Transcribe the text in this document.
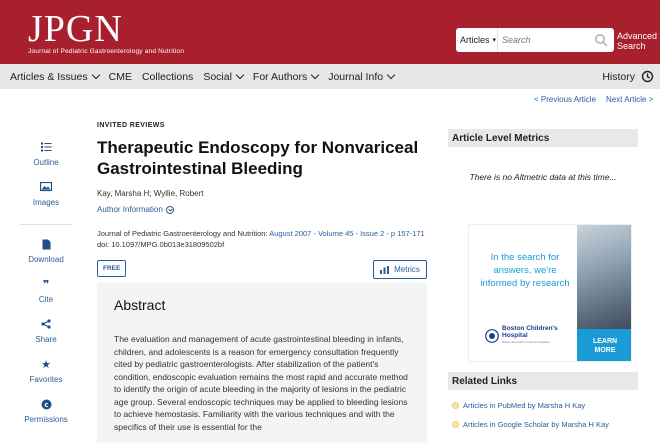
JPGN
Journal of Pediatric Gastroenterology and Nutrition
Articles ▾
Search	Advanced
Search
Articles & Issues CME Collections Social For Authors Journal Info	History
< Previous Article Next Article >
Outline
Images
Download
❞
Cite
Share
★
Favorites
c
Permissions
INVITED REVIEWS
Therapeutic Endoscopy for Nonvariceal Gastrointestinal Bleeding
Kay, Marsha H; Wyllie, Robert
Author Information
Journal of Pediatric Gastroenterology and Nutrition: August 2007 - Volume 45 - Issue 2 - p 157-171
doi: 10.1097/MPG.0b013e31809502bf
FREE	Metrics
Abstract

The evaluation and management of acute gastrointestinal bleeding in infants, children, and adolescents is a reason for emergency consultation frequently cited by pediatric gastroenterologists. After stabilization of the patient's condition, endoscopic evaluation remains the most rapid and accurate method to identify the origin of acute bleeding in the majority of lesions in the pediatric age group. Several endoscopic techniques may be applied to bleeding lesions to achieve hemostasis. Familiarity with the various techniques and with the specifics of their use is essential for the

Article Level Metrics
There is no Altmetric data at this time...
In the search for answers, we're informed by research
Boston Children's
Hospital
Where the world comes for answers	LEARN
MORE
Related Links
Articles in PubMed by Marsha H Kay
Articles in Google Scholar by Marsha H Kay
